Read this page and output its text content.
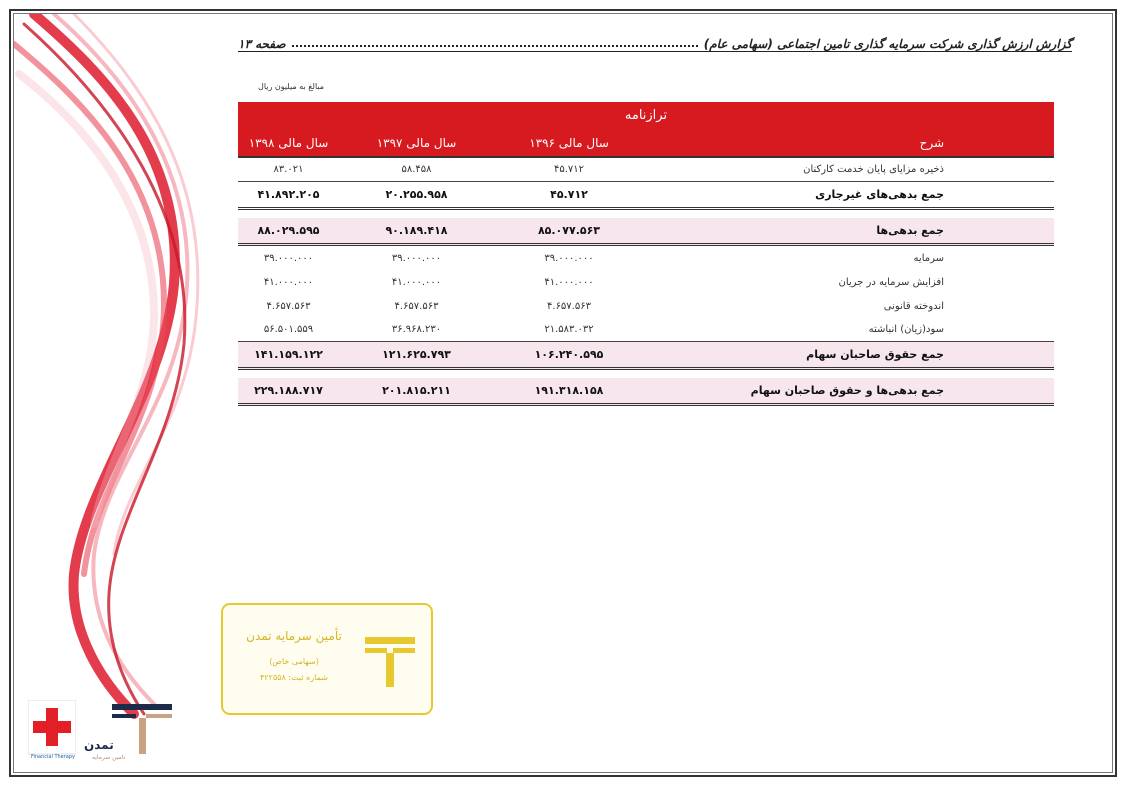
گزارش ارزش گذاری شرکت سرمایه گذاری تامین اجتماعی (سهامی عام)
صفحه ۱۳
مبالغ به میلیون ریال
ترازنامه
شرح
سال مالی ۱۳۹۶
سال مالی ۱۳۹۷
سال مالی ۱۳۹۸
ذخیره مزایای پایان خدمت کارکنان
۴۵.۷۱۲
۵۸.۴۵۸
۸۳.۰۲۱
جمع بدهی‌های غیرجاری
۴۵.۷۱۲
۲۰.۲۵۵.۹۵۸
۴۱.۸۹۲.۲۰۵
جمع بدهی‌ها
۸۵.۰۷۷.۵۶۳
۹۰.۱۸۹.۴۱۸
۸۸.۰۲۹.۵۹۵
سرمایه
۳۹.۰۰۰.۰۰۰
۳۹.۰۰۰.۰۰۰
۳۹.۰۰۰.۰۰۰
افزایش سرمایه در جریان
۴۱.۰۰۰.۰۰۰
۴۱.۰۰۰.۰۰۰
۴۱.۰۰۰.۰۰۰
اندوخته قانونی
۴.۶۵۷.۵۶۳
۴.۶۵۷.۵۶۳
۴.۶۵۷.۵۶۳
سود(زیان) انباشته
۲۱.۵۸۳.۰۳۲
۳۶.۹۶۸.۲۳۰
۵۶.۵۰۱.۵۵۹
جمع حقوق صاحبان سهام
۱۰۶.۲۴۰.۵۹۵
۱۲۱.۶۲۵.۷۹۳
۱۴۱.۱۵۹.۱۲۲
جمع بدهی‌ها و حقوق صاحبان سهام
۱۹۱.۳۱۸.۱۵۸
۲۰۱.۸۱۵.۲۱۱
۲۲۹.۱۸۸.۷۱۷
تأمین سرمایه تمدن
(سهامی خاص)
شماره ثبت: ۴۲۲۵۵۸
Financial Therapy
تمدن
تامین سرمایه
